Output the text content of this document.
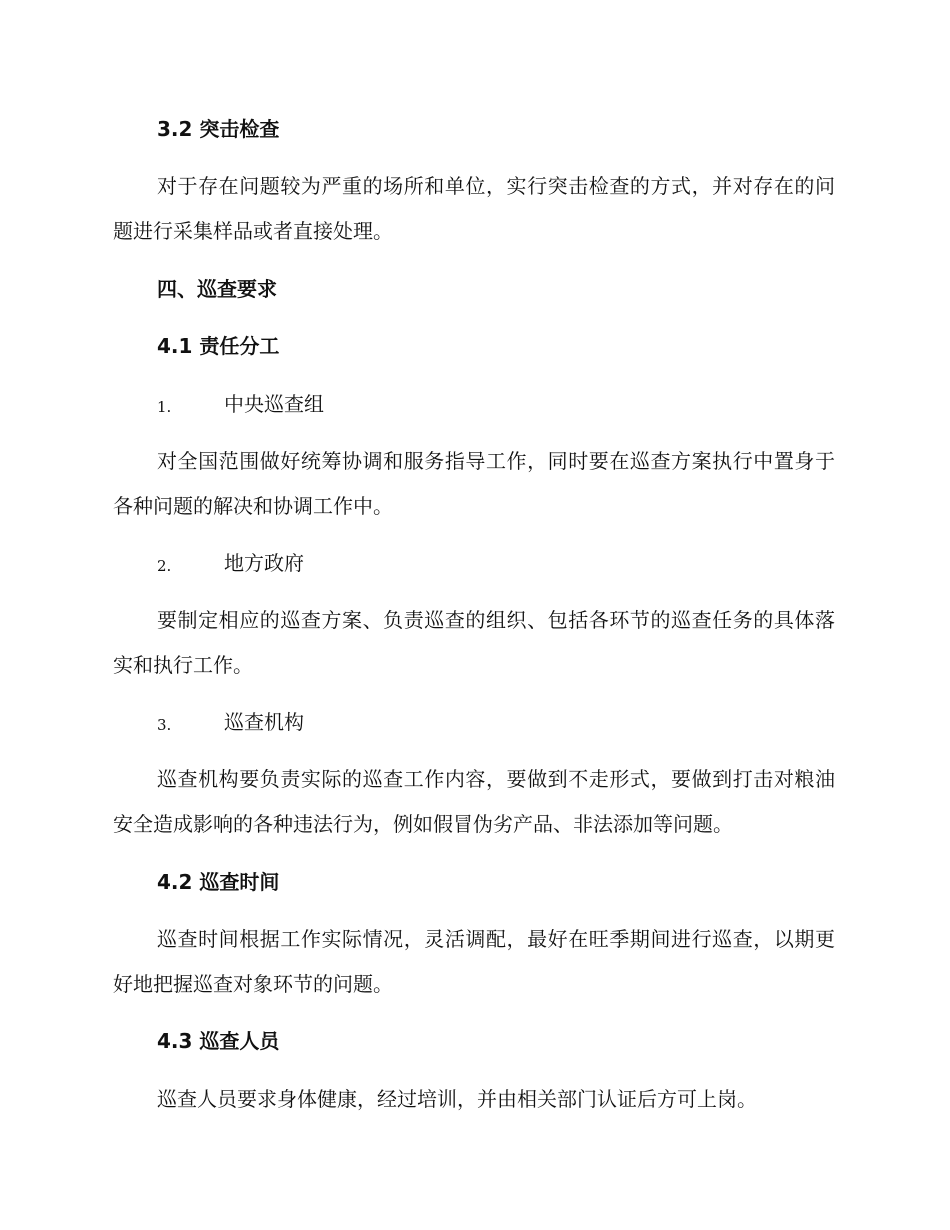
3.2 突击检查

对于存在问题较为严重的场所和单位，实行突击检查的方式，并对存在的问题进行采集样品或者直接处理。

四、巡查要求
4.1 责任分工
1.	中央巡查组

对全国范围做好统筹协调和服务指导工作，同时要在巡查方案执行中置身于各种问题的解决和协调工作中。

2.	地方政府

要制定相应的巡查方案、负责巡查的组织、包括各环节的巡查任务的具体落实和执行工作。

3.	巡查机构

巡查机构要负责实际的巡查工作内容，要做到不走形式，要做到打击对粮油安全造成影响的各种违法行为，例如假冒伪劣产品、非法添加等问题。

4.2 巡查时间

巡查时间根据工作实际情况，灵活调配，最好在旺季期间进行巡查，以期更好地把握巡查对象环节的问题。

4.3 巡查人员

巡查人员要求身体健康，经过培训，并由相关部门认证后方可上岗。
